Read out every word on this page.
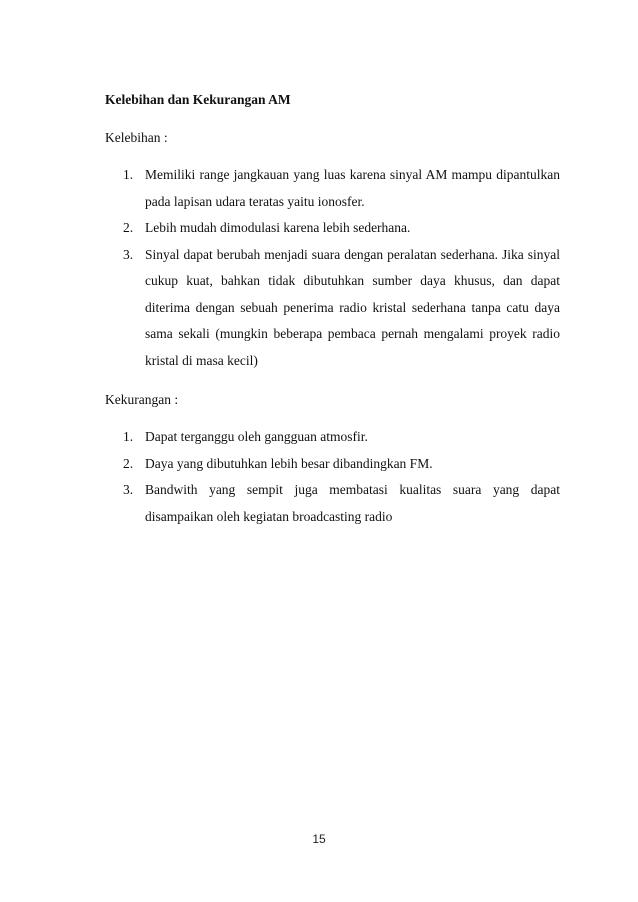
Kelebihan dan Kekurangan AM
Kelebihan :
1. Memiliki range jangkauan yang luas karena sinyal AM mampu dipantulkan pada lapisan udara teratas yaitu ionosfer.
2. Lebih mudah dimodulasi karena lebih sederhana.
3. Sinyal dapat berubah menjadi suara dengan peralatan sederhana. Jika sinyal cukup kuat, bahkan tidak dibutuhkan sumber daya khusus, dan dapat diterima dengan sebuah penerima radio kristal sederhana tanpa catu daya sama sekali (mungkin beberapa pembaca pernah mengalami proyek radio kristal di masa kecil)
Kekurangan :
1. Dapat terganggu oleh gangguan atmosfir.
2. Daya yang dibutuhkan lebih besar dibandingkan FM.
3. Bandwith yang sempit juga membatasi kualitas suara yang dapat disampaikan oleh kegiatan broadcasting radio
15
